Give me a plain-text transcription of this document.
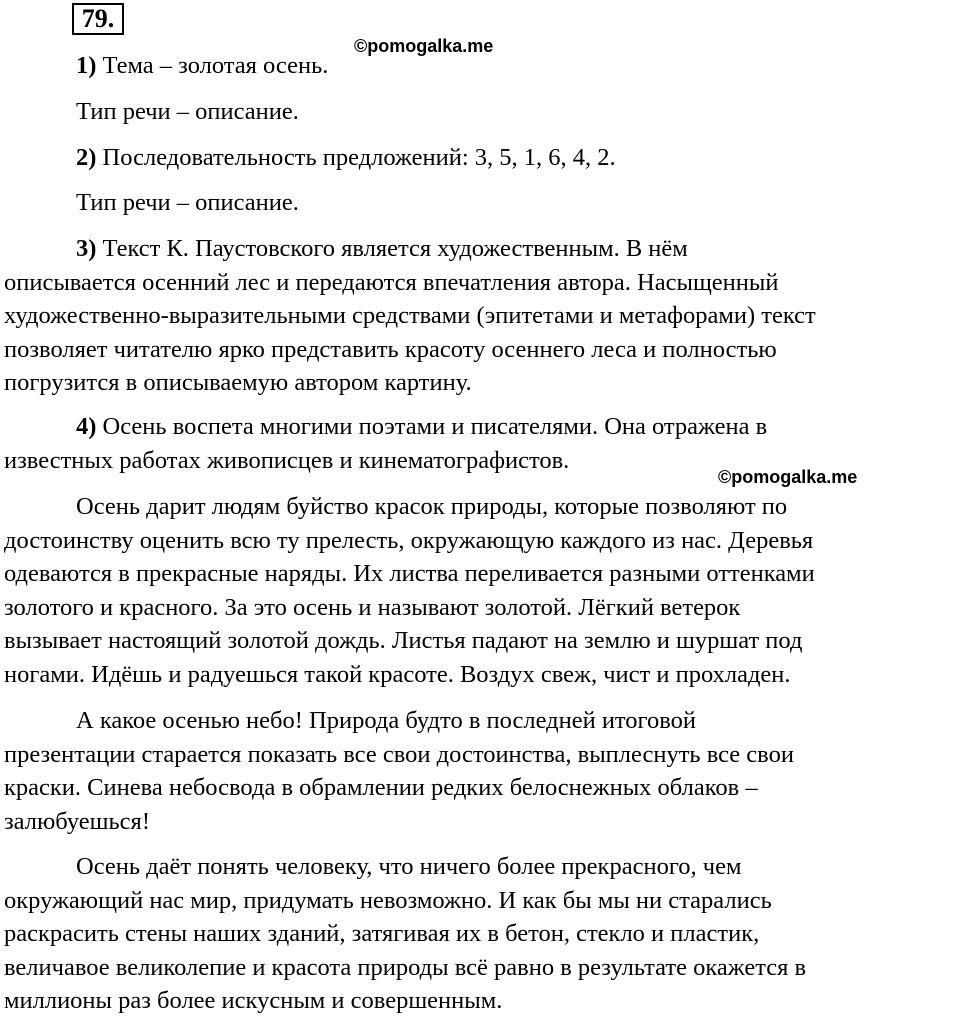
79.
©pomogalka.me
©pomogalka.me
1) Тема – золотая осень.
Тип речи – описание.
2) Последовательность предложений: 3, 5, 1, 6, 4, 2.
Тип речи – описание.
3) Текст К. Паустовского является художественным. В нём
описывается осенний лес и передаются впечатления автора. Насыщенный
художественно-выразительными средствами (эпитетами и метафорами) текст
позволяет читателю ярко представить красоту осеннего леса и полностью
погрузится в описываемую автором картину.
4) Осень воспета многими поэтами и писателями. Она отражена в
известных работах живописцев и кинематографистов.
Осень дарит людям буйство красок природы, которые позволяют по
достоинству оценить всю ту прелесть, окружающую каждого из нас. Деревья
одеваются в прекрасные наряды. Их листва переливается разными оттенками
золотого и красного. За это осень и называют золотой. Лёгкий ветерок
вызывает настоящий золотой дождь. Листья падают на землю и шуршат под
ногами. Идёшь и радуешься такой красоте. Воздух свеж, чист и прохладен.
А какое осенью небо! Природа будто в последней итоговой
презентации старается показать все свои достоинства, выплеснуть все свои
краски. Синева небосвода в обрамлении редких белоснежных облаков –
залюбуешься!
Осень даёт понять человеку, что ничего более прекрасного, чем
окружающий нас мир, придумать невозможно. И как бы мы ни старались
раскрасить стены наших зданий, затягивая их в бетон, стекло и пластик,
величавое великолепие и красота природы всё равно в результате окажется в
миллионы раз более искусным и совершенным.
